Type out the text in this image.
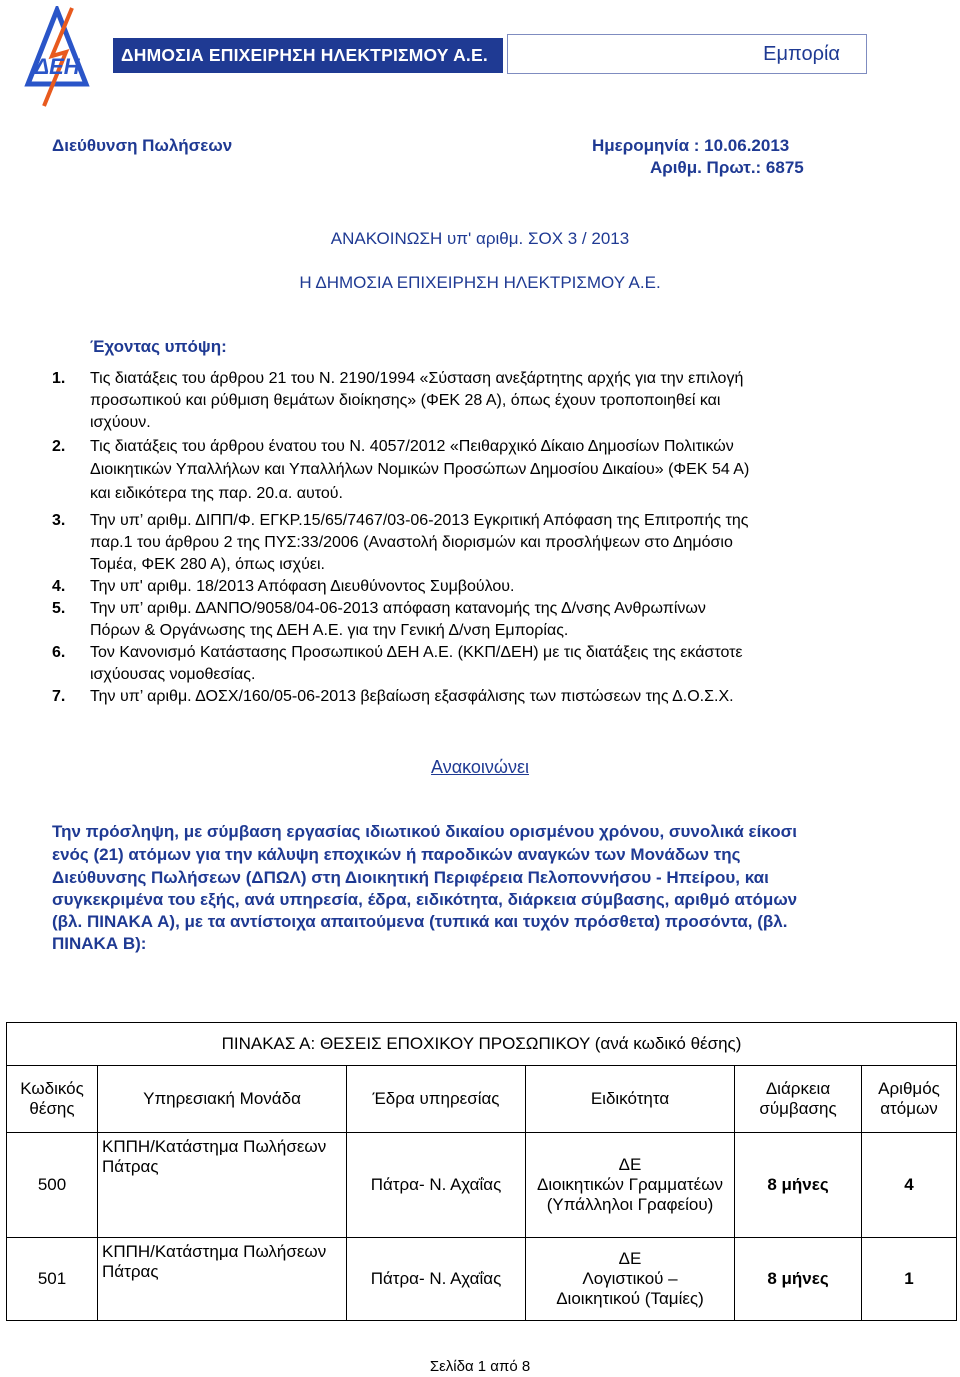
ΔΕΗ	ΔΗΜΟΣΙΑ ΕΠΙΧΕΙΡΗΣΗ ΗΛΕΚΤΡΙΣΜΟΥ Α.Ε.	Εμπορία
Διεύθυνση Πωλήσεων	Ημερομηνία : 10.06.2013
Αριθμ. Πρωτ.: 6875
ΑΝΑΚΟΙΝΩΣΗ υπ' αριθμ. ΣΟΧ 3 / 2013
Η ΔΗΜΟΣΙΑ ΕΠΙΧΕΙΡΗΣΗ ΗΛΕΚΤΡΙΣΜΟΥ Α.Ε.
Έχοντας υπόψη:
1. Τις διατάξεις του άρθρου 21 του Ν. 2190/1994 «Σύσταση ανεξάρτητης αρχής για την επιλογή
προσωπικού και ρύθμιση θεμάτων διοίκησης» (ΦΕΚ 28 Α), όπως έχουν τροποποιηθεί και
ισχύουν.
2. Τις διατάξεις του άρθρου ένατου του Ν. 4057/2012 «Πειθαρχικό Δίκαιο Δημοσίων Πολιτικών
Διοικητικών Υπαλλήλων και Υπαλλήλων Νομικών Προσώπων Δημοσίου Δικαίου» (ΦΕΚ 54 Α)
και ειδικότερα της παρ. 20.α. αυτού.
3. Την υπ’ αριθμ. ΔΙΠΠ/Φ. ΕΓΚΡ.15/65/7467/03-06-2013 Εγκριτική Απόφαση της Επιτροπής της
παρ.1 του άρθρου 2 της ΠΥΣ:33/2006 (Αναστολή διορισμών και προσλήψεων στο Δημόσιο
Τομέα, ΦΕΚ 280 Α), όπως ισχύει.
4. Την υπ' αριθμ. 18/2013 Απόφαση Διευθύνοντος Συμβούλου.
5. Την υπ’ αριθμ. ΔΑΝΠΟ/9058/04-06-2013 απόφαση κατανομής της Δ/νσης Ανθρωπίνων
Πόρων & Οργάνωσης της ΔΕΗ Α.Ε. για την Γενική Δ/νση Εμπορίας.
6. Τον Κανονισμό Κατάστασης Προσωπικού ΔΕΗ Α.Ε. (ΚΚΠ/ΔΕΗ) με τις διατάξεις της εκάστοτε
ισχύουσας νομοθεσίας.
7. Την υπ’ αριθμ. ΔΟΣΧ/160/05-06-2013 βεβαίωση εξασφάλισης των πιστώσεων της Δ.Ο.Σ.Χ.
Ανακοινώνει
Την πρόσληψη, με σύμβαση εργασίας ιδιωτικού δικαίου ορισμένου χρόνου, συνολικά είκοσι
ενός (21) ατόμων για την κάλυψη εποχικών ή παροδικών αναγκών των Μονάδων της
Διεύθυνσης Πωλήσεων (ΔΠΩΛ) στη Διοικητική Περιφέρεια Πελοποννήσου - Ηπείρου, και
συγκεκριμένα του εξής, ανά υπηρεσία, έδρα, ειδικότητα, διάρκεια σύμβασης, αριθμό ατόμων
(βλ. ΠΙΝΑΚΑ Α), με τα αντίστοιχα απαιτούμενα (τυπικά και τυχόν πρόσθετα) προσόντα, (βλ.
ΠΙΝΑΚΑ Β):
ΠΙΝΑΚΑΣ Α: ΘΕΣΕΙΣ ΕΠΟΧΙΚΟΥ ΠΡΟΣΩΠΙΚΟΥ (ανά κωδικό θέσης)					
Κωδικός θέσης	Υπηρεσιακή Μονάδα	Έδρα υπηρεσίας	Ειδικότητα	Διάρκεια σύμβασης	Αριθμός ατόμων
500	ΚΠΠΗ/Κατάστημα Πωλήσεων Πάτρας	Πάτρα- Ν. Αχαΐας	ΔΕ
Διοικητικών Γραμματέων
(Υπάλληλοι Γραφείου)	8 μήνες	4
501	ΚΠΠΗ/Κατάστημα Πωλήσεων Πάτρας	Πάτρα- Ν. Αχαΐας	ΔΕ
Λογιστικού –
Διοικητικού (Ταμίες)	8 μήνες	1
Σελίδα 1 από 8
